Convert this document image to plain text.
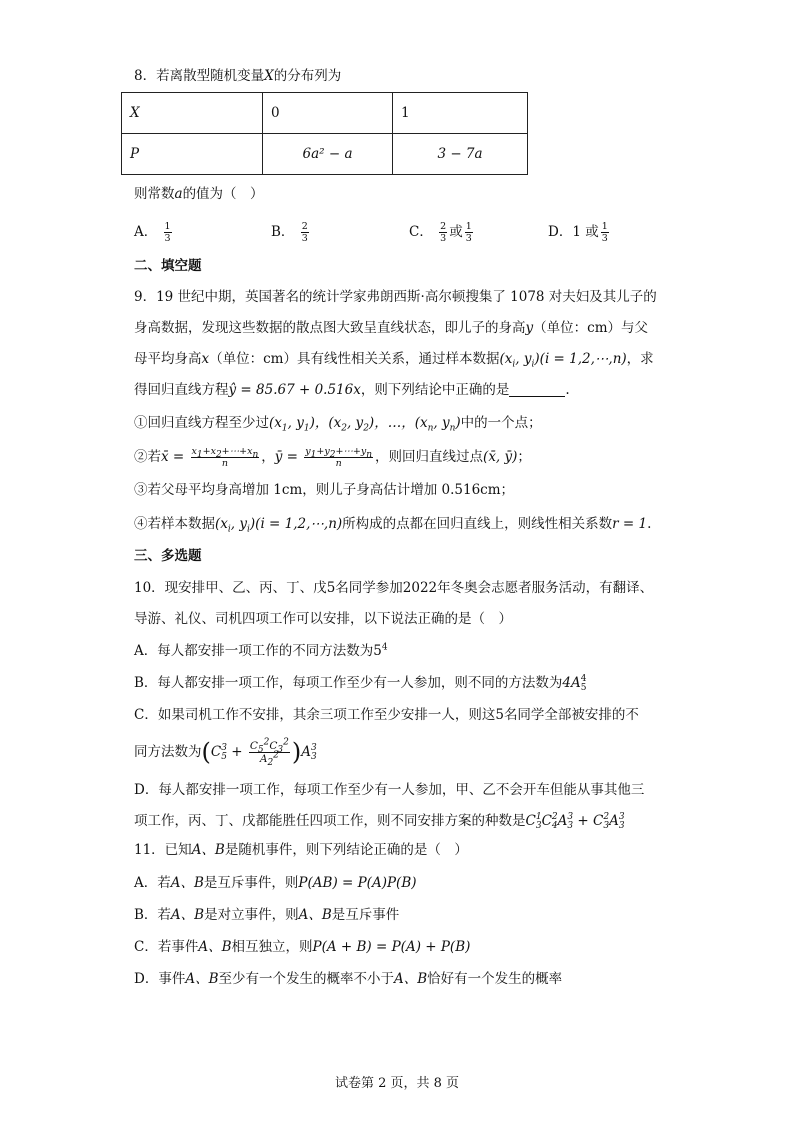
8．若离散型随机变量X的分布列为
X	0	1
P	6a² − a	3 − 7a
则常数a的值为（　）
A． $\frac{1}{3}$	B． $\frac{2}{3}$	C． $\frac{2}{3}$ 或 $\frac{1}{3}$	D．1 或 $\frac{1}{3}$
二、填空题
9．19 世纪中期，英国著名的统计学家弗朗西斯·高尔顿搜集了 1078 对夫妇及其儿子的
身高数据，发现这些数据的散点图大致呈直线状态，即儿子的身高y（单位：cm）与父
母平均身高x（单位：cm）具有线性相关关系，通过样本数据($x_i$, $y_i)(i$ = 1,2,⋯,n)，求
得回归直线方程ŷ = 85.67 + 0.516x，则下列结论中正确的是	.
①回归直线方程至少过($x_1$, $y_1$)，($x_2$, $y_2$)，…，($x_n$, $y_n$)中的一个点；
②若x̄ = $\frac{x_1+x_2+\cdots+x_n}{n}$ ，ȳ = $\frac{y_1+y_2+\cdots+y_n}{n}$ ，则回归直线过点(x̄, ȳ)；
③若父母平均身高增加 1cm，则儿子身高估计增加 0.516cm；
④若样本数据($x_i$, $y_i)(i$ = 1,2,⋯,n)所构成的点都在回归直线上，则线性相关系数r = 1.
三、多选题
10．现安排甲、乙、丙、丁、戊5名同学参加2022年冬奥会志愿者服务活动，有翻译、
导游、礼仪、司机四项工作可以安排，以下说法正确的是（　）
A．每人都安排一项工作的不同方法数为$5^4$
B．每人都安排一项工作，每项工作至少有一人参加，则不同的方法数为4A 4
5
C．如果司机工作不安排，其余三项工作至少安排一人，则这5名同学全部被安排的不
同方法数为(C 3
$5 + \frac{C_5^2C_3^2}{A_2^2} )A$ 3
3
D．每人都安排一项工作，每项工作至少有一人参加，甲、乙不会开车但能从事其他三
项工作，丙、丁、戊都能胜任四项工作，则不同安排方案的种数是C 1
3 C 2
4 A 3
3 + C 2
3 A 3
3
11．已知A、B是随机事件，则下列结论正确的是（　）
A．若A、B是互斥事件，则P(AB) = P(A)P(B)
B．若A、B是对立事件，则A、B是互斥事件
C．若事件A、B相互独立，则P(A + B) = P(A) + P(B)
D．事件A、B至少有一个发生的概率不小于A、B恰好有一个发生的概率
试卷第 2 页，共 8 页
